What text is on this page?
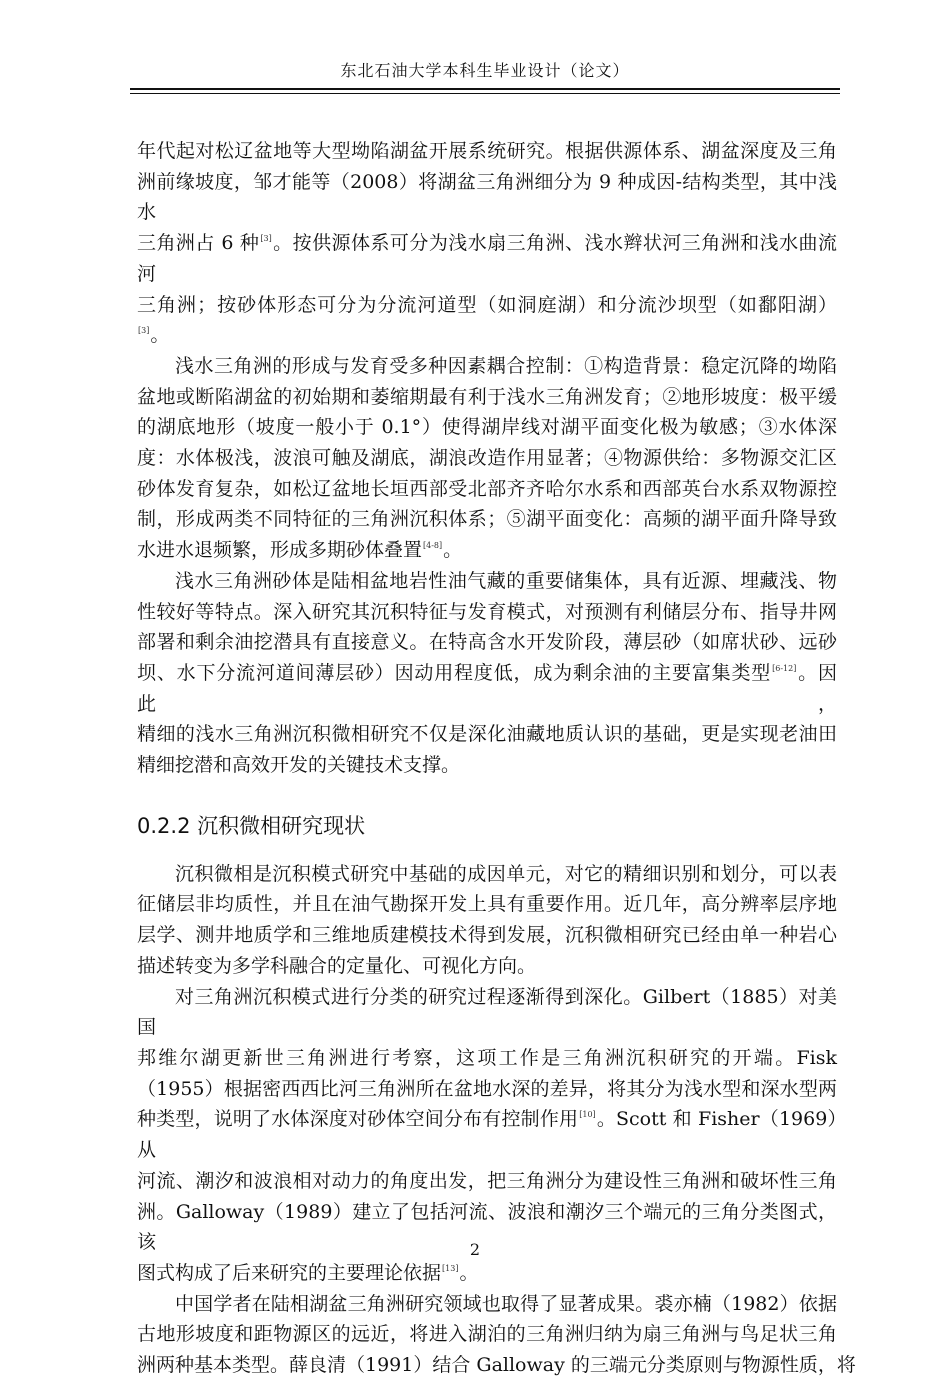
东北石油大学本科生毕业设计（论文）
年代起对松辽盆地等大型坳陷湖盆开展系统研究。根据供源体系、湖盆深度及三角
洲前缘坡度，邹才能等（2008）将湖盆三角洲细分为 9 种成因-结构类型，其中浅水
三角洲占 6 种[3]。按供源体系可分为浅水扇三角洲、浅水辫状河三角洲和浅水曲流河
三角洲；按砂体形态可分为分流河道型（如洞庭湖）和分流沙坝型（如鄱阳湖）
[3]。
浅水三角洲的形成与发育受多种因素耦合控制：①构造背景：稳定沉降的坳陷
盆地或断陷湖盆的初始期和萎缩期最有利于浅水三角洲发育；②地形坡度：极平缓
的湖底地形（坡度一般小于 0.1°）使得湖岸线对湖平面变化极为敏感；③水体深
度：水体极浅，波浪可触及湖底，湖浪改造作用显著；④物源供给：多物源交汇区
砂体发育复杂，如松辽盆地长垣西部受北部齐齐哈尔水系和西部英台水系双物源控
制，形成两类不同特征的三角洲沉积体系；⑤湖平面变化：高频的湖平面升降导致
水进水退频繁，形成多期砂体叠置[4-8]。
浅水三角洲砂体是陆相盆地岩性油气藏的重要储集体，具有近源、埋藏浅、物
性较好等特点。深入研究其沉积特征与发育模式，对预测有利储层分布、指导井网
部署和剩余油挖潜具有直接意义。在特高含水开发阶段，薄层砂（如席状砂、远砂
坝、水下分流河道间薄层砂）因动用程度低，成为剩余油的主要富集类型[6-12]。因此，
精细的浅水三角洲沉积微相研究不仅是深化油藏地质认识的基础，更是实现老油田
精细挖潜和高效开发的关键技术支撑。
0.2.2 沉积微相研究现状
沉积微相是沉积模式研究中基础的成因单元，对它的精细识别和划分，可以表
征储层非均质性，并且在油气勘探开发上具有重要作用。近几年，高分辨率层序地
层学、测井地质学和三维地质建模技术得到发展，沉积微相研究已经由单一种岩心
描述转变为多学科融合的定量化、可视化方向。
对三角洲沉积模式进行分类的研究过程逐渐得到深化。Gilbert（1885）对美国
邦维尔湖更新世三角洲进行考察，这项工作是三角洲沉积研究的开端。Fisk
（1955）根据密西西比河三角洲所在盆地水深的差异，将其分为浅水型和深水型两
种类型，说明了水体深度对砂体空间分布有控制作用[10]。Scott 和 Fisher（1969）从
河流、潮汐和波浪相对动力的角度出发，把三角洲分为建设性三角洲和破坏性三角
洲。Galloway（1989）建立了包括河流、波浪和潮汐三个端元的三角分类图式，该
图式构成了后来研究的主要理论依据[13]。
中国学者在陆相湖盆三角洲研究领域也取得了显著成果。裘亦楠（1982）依据
古地形坡度和距物源区的远近，将进入湖泊的三角洲归纳为扇三角洲与鸟足状三角
洲两种基本类型。薛良清（1991）结合 Galloway 的三端元分类原则与物源性质，将
2
